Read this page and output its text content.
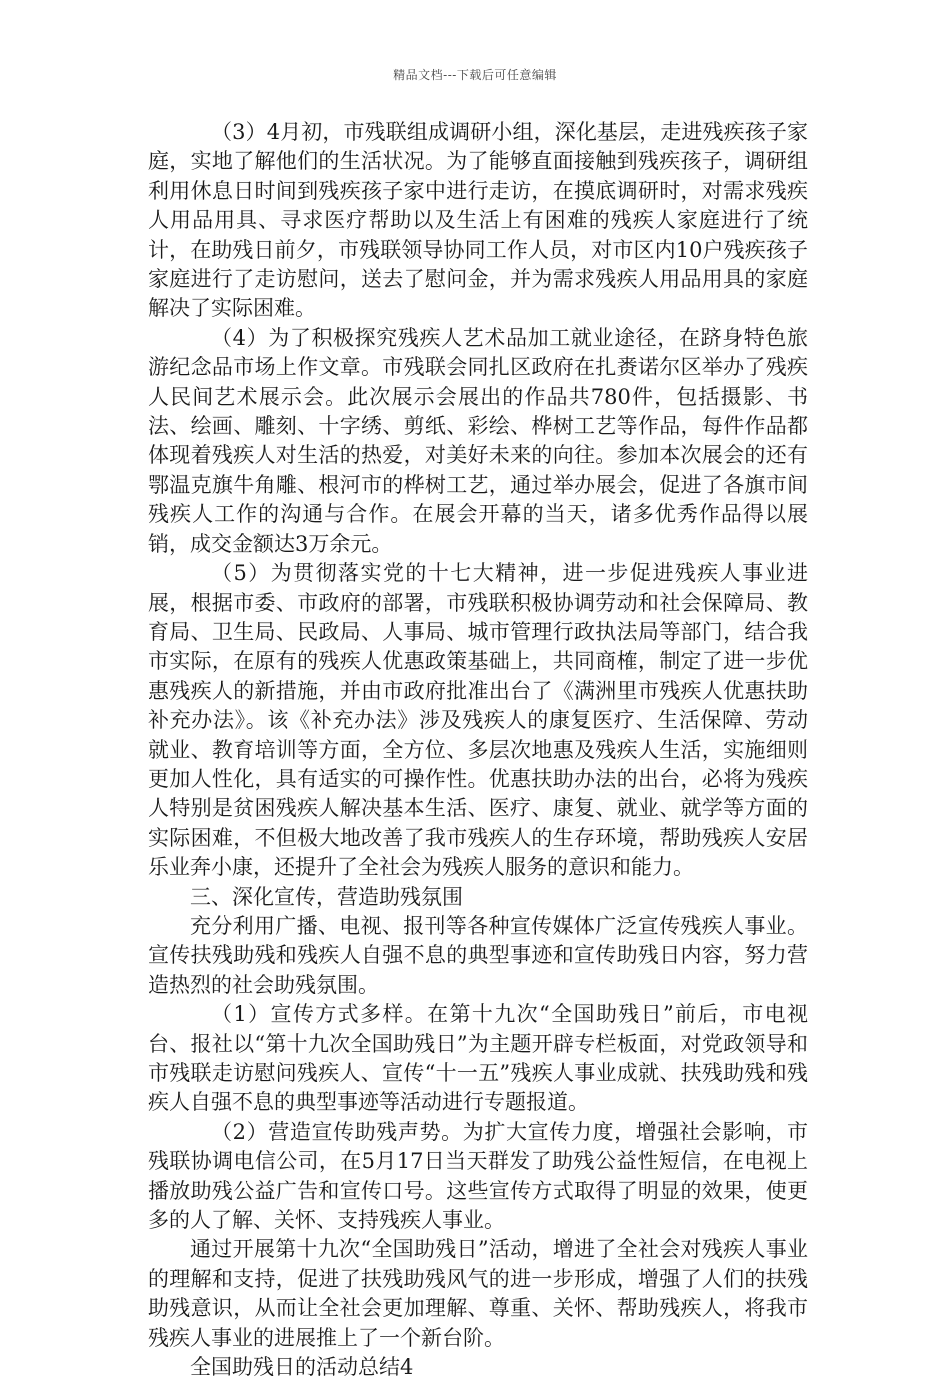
精品文档---下载后可任意编辑

（3）4月初，市残联组成调研小组，深化基层，走进残疾孩子家庭，实地了解他们的生活状况。为了能够直面接触到残疾孩子，调研组利用休息日时间到残疾孩子家中进行走访，在摸底调研时，对需求残疾人用品用具、寻求医疗帮助以及生活上有困难的残疾人家庭进行了统计，在助残日前夕，市残联领导协同工作人员，对市区内10户残疾孩子家庭进行了走访慰问，送去了慰问金，并为需求残疾人用品用具的家庭解决了实际困难。

（4）为了积极探究残疾人艺术品加工就业途径，在跻身特色旅游纪念品市场上作文章。市残联会同扎区政府在扎赉诺尔区举办了残疾人民间艺术展示会。此次展示会展出的作品共780件，包括摄影、书法、绘画、雕刻、十字绣、剪纸、彩绘、桦树工艺等作品，每件作品都体现着残疾人对生活的热爱，对美好未来的向往。参加本次展会的还有鄂温克旗牛角雕、根河市的桦树工艺，通过举办展会，促进了各旗市间残疾人工作的沟通与合作。在展会开幕的当天，诸多优秀作品得以展销，成交金额达3万余元。

（5）为贯彻落实党的十七大精神，进一步促进残疾人事业进展，根据市委、市政府的部署，市残联积极协调劳动和社会保障局、教育局、卫生局、民政局、人事局、城市管理行政执法局等部门，结合我市实际，在原有的残疾人优惠政策基础上，共同商榷，制定了进一步优惠残疾人的新措施，并由市政府批准出台了《满洲里市残疾人优惠扶助补充办法》。该《补充办法》涉及残疾人的康复医疗、生活保障、劳动就业、教育培训等方面，全方位、多层次地惠及残疾人生活，实施细则更加人性化，具有适实的可操作性。优惠扶助办法的出台，必将为残疾人特别是贫困残疾人解决基本生活、医疗、康复、就业、就学等方面的实际困难，不但极大地改善了我市残疾人的生存环境，帮助残疾人安居乐业奔小康，还提升了全社会为残疾人服务的意识和能力。

三、深化宣传，营造助残氛围

充分利用广播、电视、报刊等各种宣传媒体广泛宣传残疾人事业。宣传扶残助残和残疾人自强不息的典型事迹和宣传助残日内容，努力营造热烈的社会助残氛围。

（1）宣传方式多样。在第十九次“全国助残日”前后，市电视台、报社以“第十九次全国助残日”为主题开辟专栏板面，对党政领导和市残联走访慰问残疾人、宣传“十一五”残疾人事业成就、扶残助残和残疾人自强不息的典型事迹等活动进行专题报道。

（2）营造宣传助残声势。为扩大宣传力度，增强社会影响，市残联协调电信公司，在5月17日当天群发了助残公益性短信，在电视上播放助残公益广告和宣传口号。这些宣传方式取得了明显的效果，使更多的人了解、关怀、支持残疾人事业。

通过开展第十九次“全国助残日”活动，增进了全社会对残疾人事业的理解和支持，促进了扶残助残风气的进一步形成，增强了人们的扶残助残意识，从而让全社会更加理解、尊重、关怀、帮助残疾人，将我市残疾人事业的进展推上了一个新台阶。

全国助残日的活动总结4
